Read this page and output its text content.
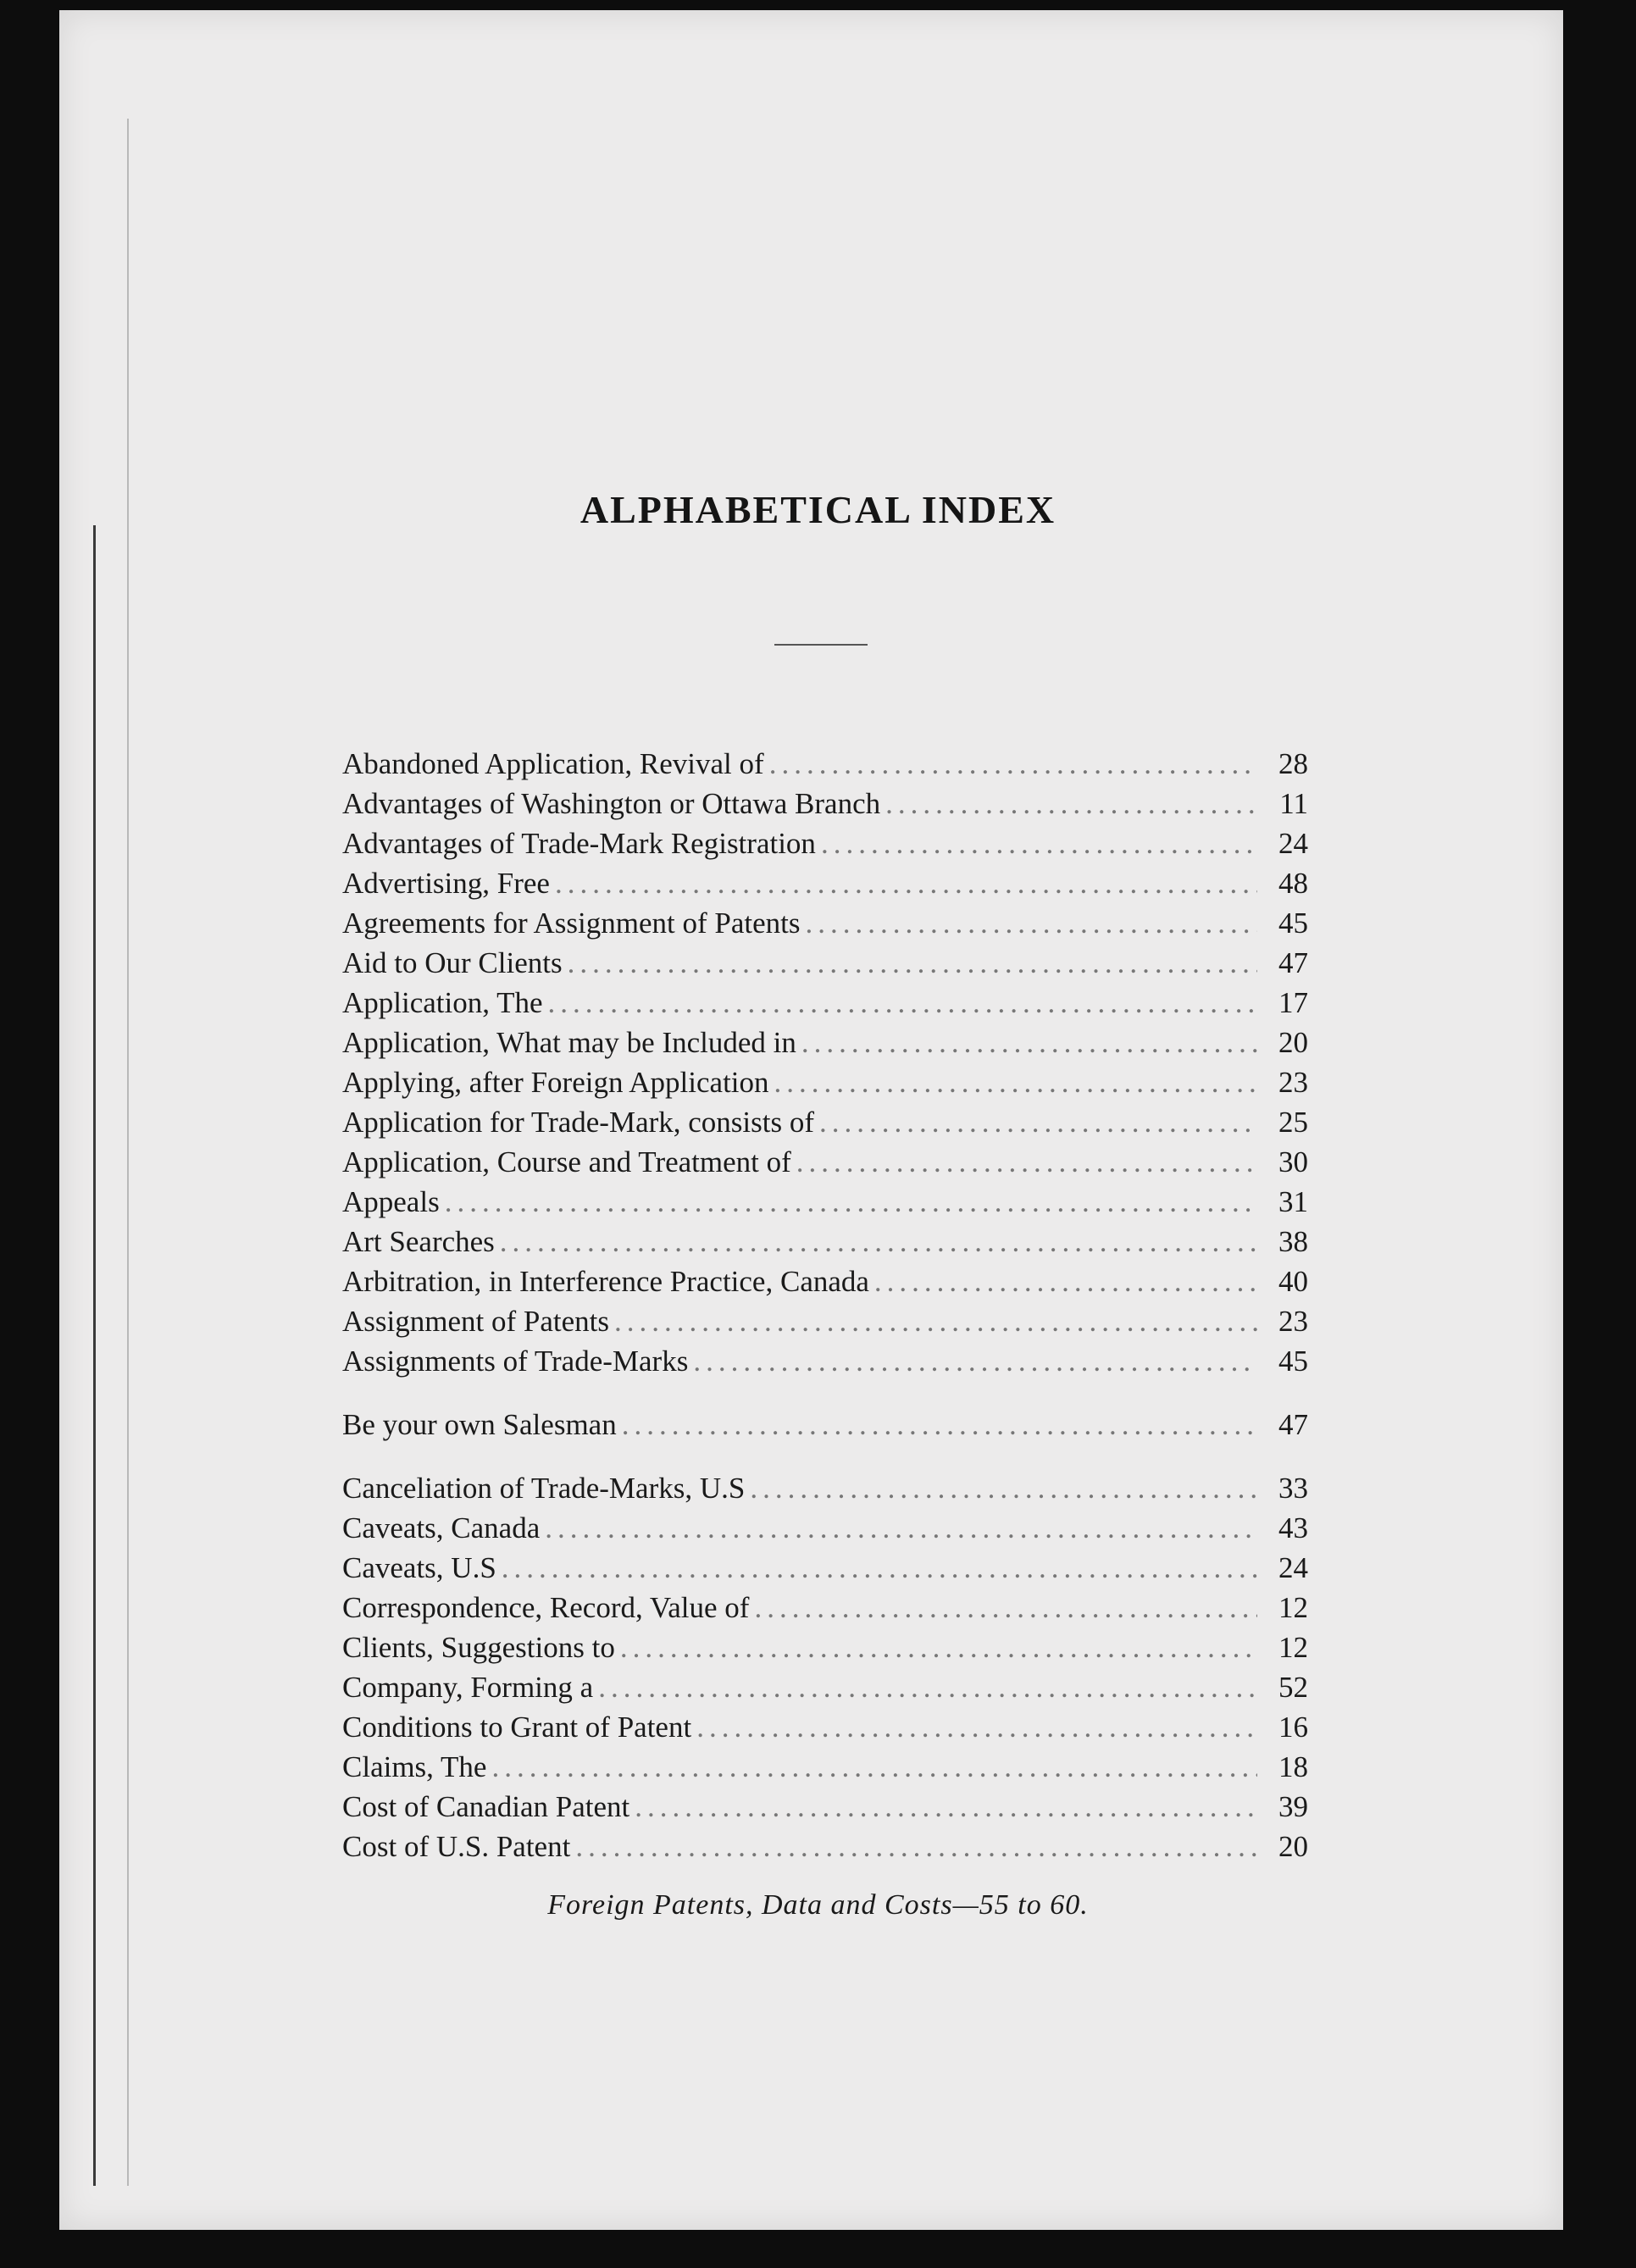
ALPHABETICAL INDEX
Abandoned Application, Revival of .....	28
Advantages of Washington or Ottawa Branch .....	11
Advantages of Trade-Mark Registration .....	24
Advertising, Free .....	48
Agreements for Assignment of Patents .....	45
Aid to Our Clients .....	47
Application, The .....	17
Application, What may be Included in .....	20
Applying, after Foreign Application .....	23
Application for Trade-Mark, consists of .....	25
Application, Course and Treatment of .....	30
Appeals .....	31
Art Searches .....	38
Arbitration, in Interference Practice, Canada .....	40
Assignment of Patents .....	23
Assignments of Trade-Marks .....	45
Be your own Salesman .....	47
Canceliation of Trade-Marks, U.S .....	33
Caveats, Canada .....	43
Caveats, U.S .....	24
Correspondence, Record, Value of .....	12
Clients, Suggestions to .....	12
Company, Forming a .....	52
Conditions to Grant of Patent .....	16
Claims, The .....	18
Cost of Canadian Patent .....	39
Cost of U.S. Patent .....	20
Foreign Patents, Data and Costs—55 to 60.
